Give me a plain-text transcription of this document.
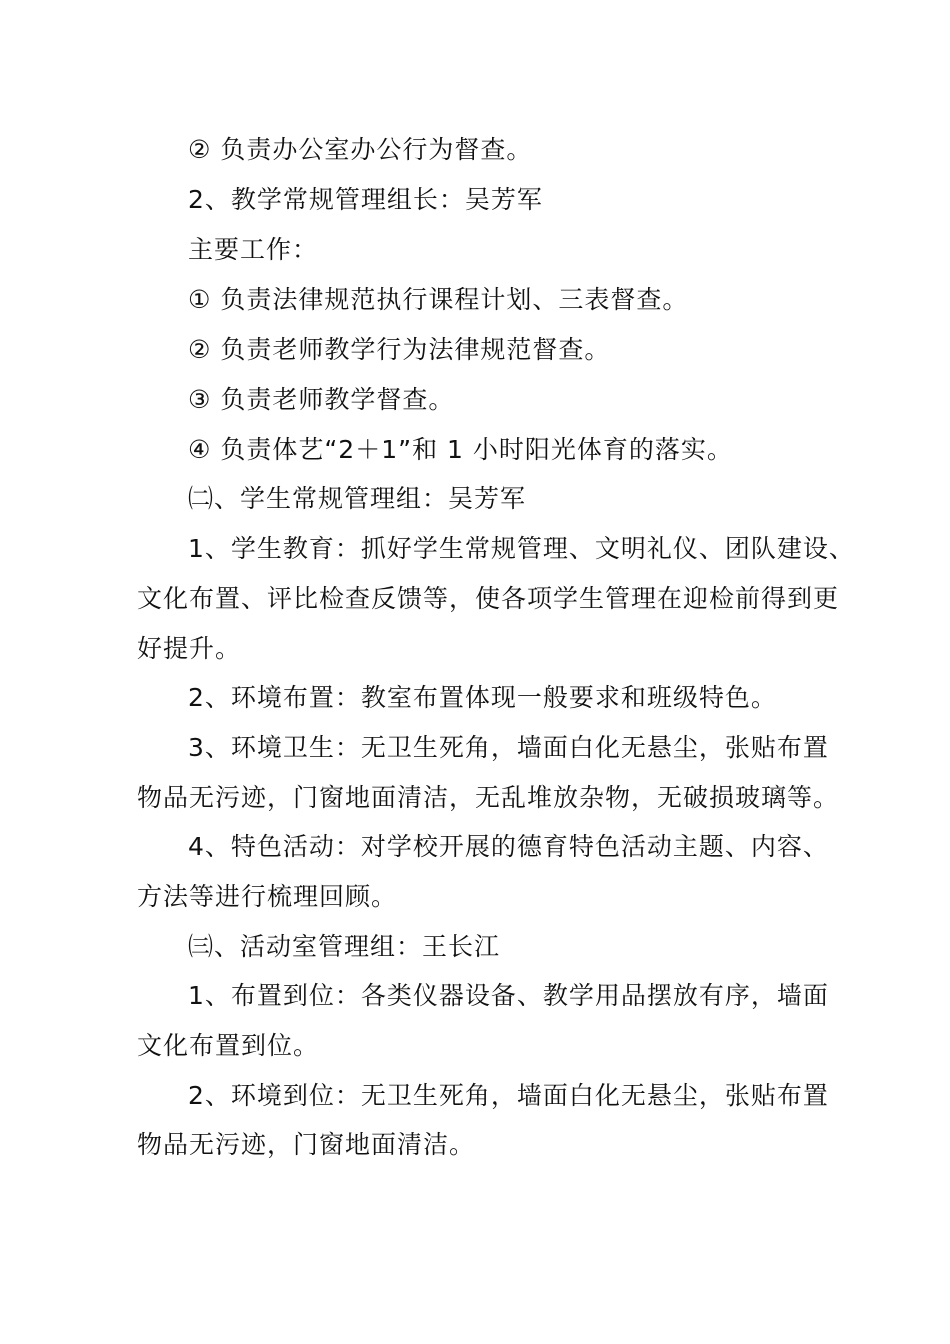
② 负责办公室办公行为督查。
2、教学常规管理组长：吴芳军
主要工作：
① 负责法律规范执行课程计划、三表督查。
② 负责老师教学行为法律规范督查。
③ 负责老师教学督查。
④ 负责体艺“2＋1”和 1 小时阳光体育的落实。
㈡、学生常规管理组：吴芳军
1、学生教育：抓好学生常规管理、文明礼仪、团队建设、
文化布置、评比检查反馈等，使各项学生管理在迎检前得到更
好提升。
2、环境布置：教室布置体现一般要求和班级特色。
3、环境卫生：无卫生死角，墙面白化无悬尘，张贴布置
物品无污迹，门窗地面清洁，无乱堆放杂物，无破损玻璃等。
4、特色活动：对学校开展的德育特色活动主题、内容、
方法等进行梳理回顾。
㈢、活动室管理组：王长江
1、布置到位：各类仪器设备、教学用品摆放有序，墙面
文化布置到位。
2、环境到位：无卫生死角，墙面白化无悬尘，张贴布置
物品无污迹，门窗地面清洁。
